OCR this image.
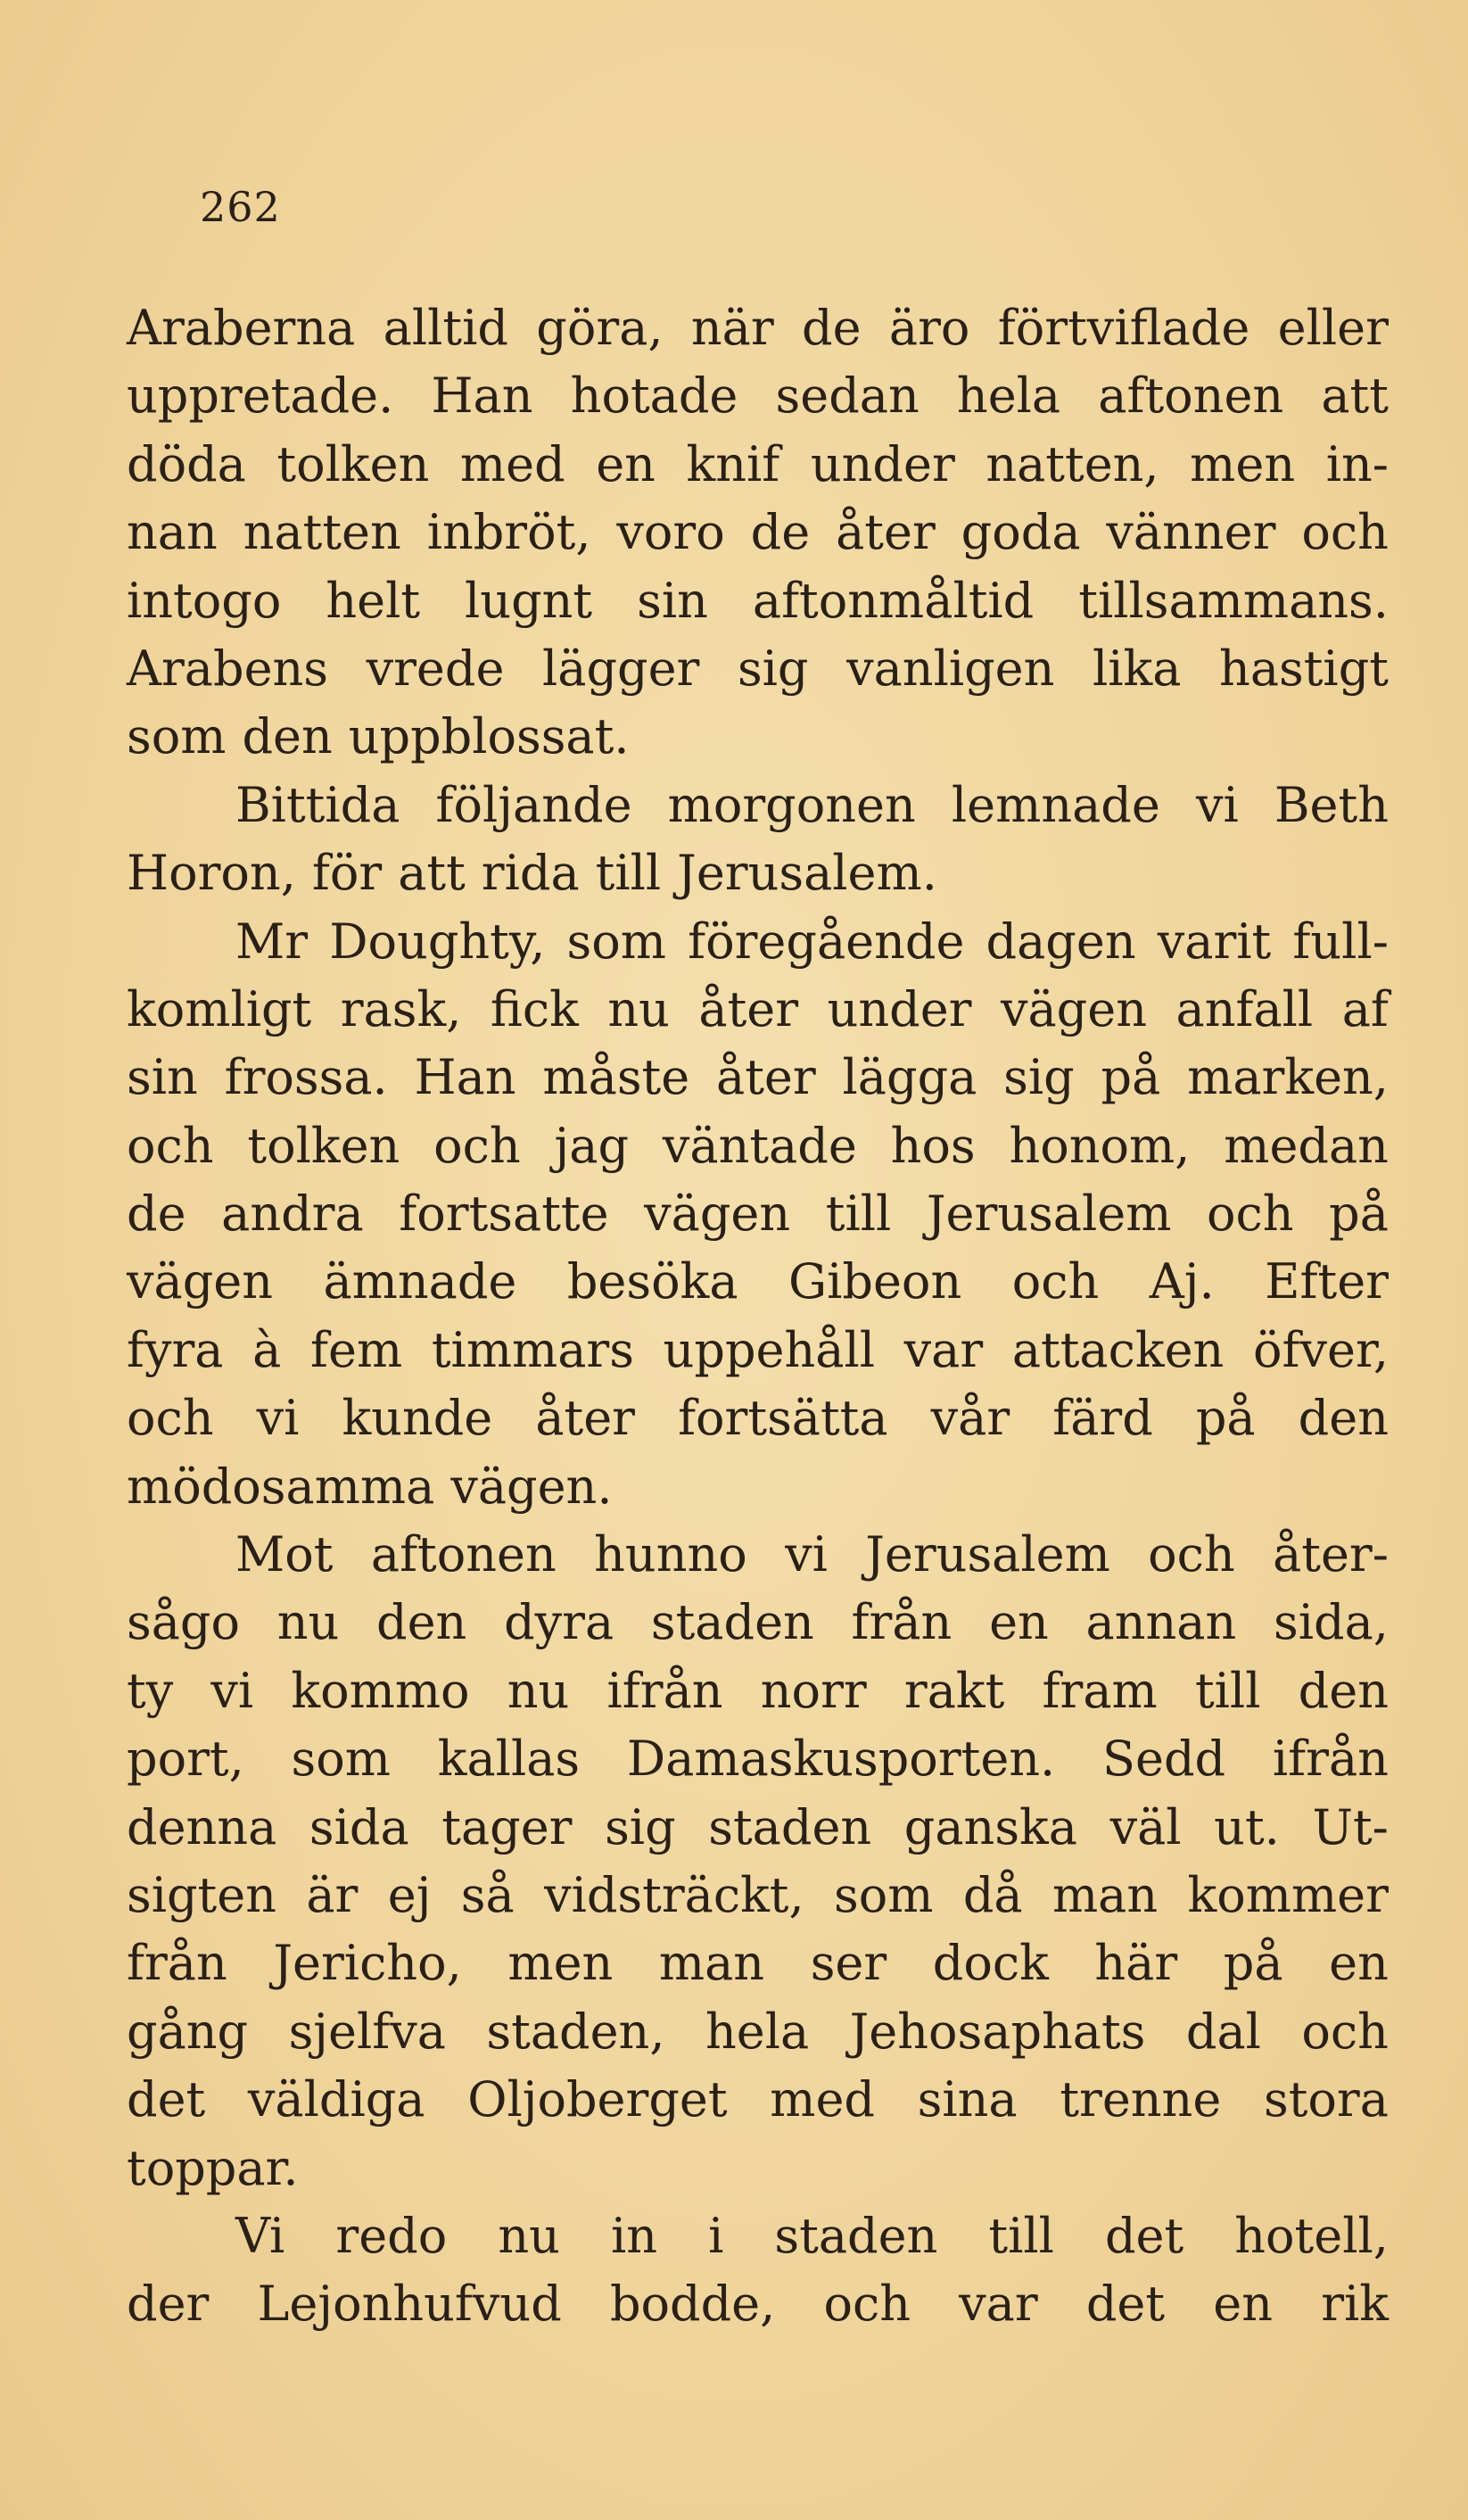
262
Araberna alltid göra, när de äro förtviflade eller
uppretade. Han hotade sedan hela aftonen att
döda tolken med en knif under natten, men in-
nan natten inbröt, voro de åter goda vänner och
intogo helt lugnt sin aftonmåltid tillsammans.
Arabens vrede lägger sig vanligen lika hastigt
som den uppblossat.
Bittida följande morgonen lemnade vi Beth
Horon, för att rida till Jerusalem.
Mr Doughty, som föregående dagen varit full-
komligt rask, fick nu åter under vägen anfall af
sin frossa. Han måste åter lägga sig på marken,
och tolken och jag väntade hos honom, medan
de andra fortsatte vägen till Jerusalem och på
vägen ämnade besöka Gibeon och Aj. Efter
fyra à fem timmars uppehåll var attacken öfver,
och vi kunde åter fortsätta vår färd på den
mödosamma vägen.
Mot aftonen hunno vi Jerusalem och åter-
sågo nu den dyra staden från en annan sida,
ty vi kommo nu ifrån norr rakt fram till den
port, som kallas Damaskusporten. Sedd ifrån
denna sida tager sig staden ganska väl ut. Ut-
sigten är ej så vidsträckt, som då man kommer
från Jericho, men man ser dock här på en
gång sjelfva staden, hela Jehosaphats dal och
det väldiga Oljoberget med sina trenne stora
toppar.
Vi redo nu in i staden till det hotell,
der Lejonhufvud bodde, och var det en rik
